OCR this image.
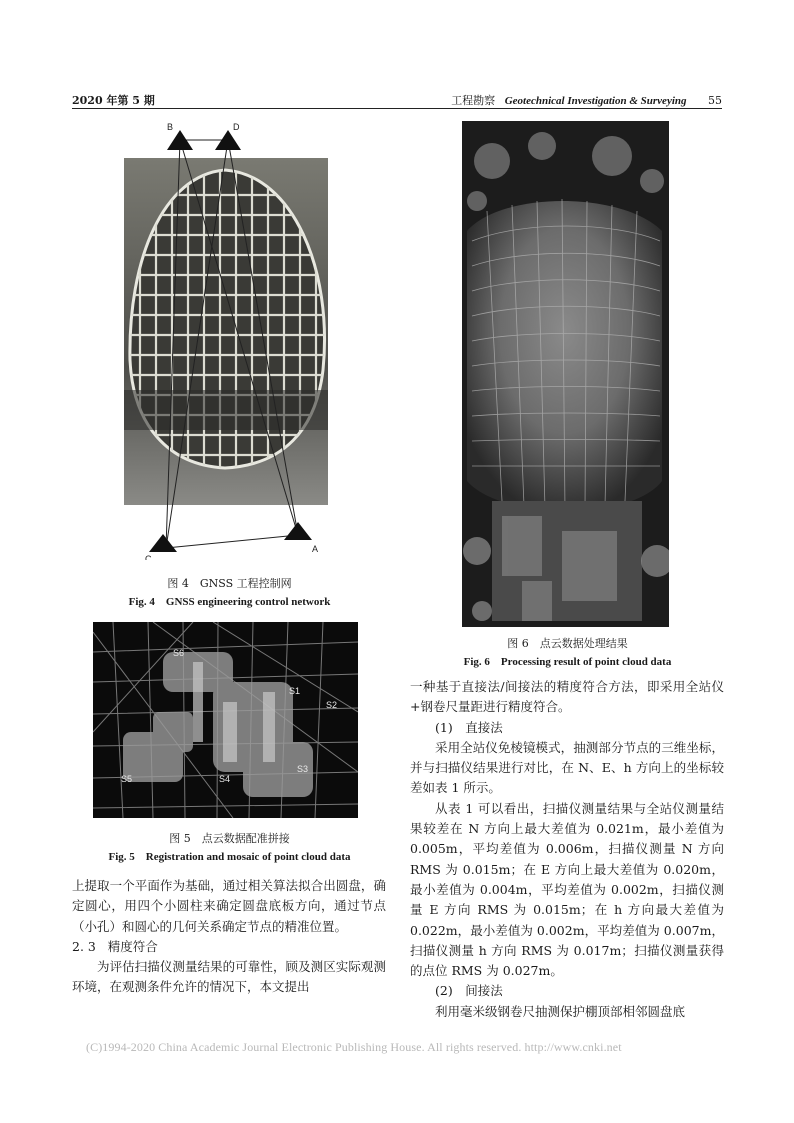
2020 年第 5 期	工程勘察 Geotechnical Investigation & Surveying 55
B	D
C
A
图 4　GNSS 工程控制网
Fig. 4　GNSS engineering control network
S6
S1
S2
S5	S4
S3
图 5　点云数据配准拼接
Fig. 5　Registration and mosaic of point cloud data

上提取一个平面作为基础，通过相关算法拟合出圆盘，确定圆心，用四个小圆柱来确定圆盘底板方向，通过节点（小孔）和圆心的几何关系确定节点的精准位置。

2. 3 精度符合

为评估扫描仪测量结果的可靠性，顾及测区实际观测环境，在观测条件允许的情况下，本文提出

图 6　点云数据处理结果
Fig. 6　Processing result of point cloud data

一种基于直接法/间接法的精度符合方法，即采用全站仪+钢卷尺量距进行精度符合。

(1)　直接法

采用全站仪免棱镜模式，抽测部分节点的三维坐标，并与扫描仪结果进行对比，在 N、E、h 方向上的坐标较差如表 1 所示。

从表 1 可以看出，扫描仪测量结果与全站仪测量结果较差在 N 方向上最大差值为 0.021m，最小差值为 0.005m，平均差值为 0.006m，扫描仪测量 N 方向 RMS 为 0.015m；在 E 方向上最大差值为 0.020m，最小差值为 0.004m，平均差值为 0.002m，扫描仪测量 E 方向 RMS 为 0.015m；在 h 方向最大差值为 0.022m，最小差值为 0.002m，平均差值为 0.007m，扫描仪测量 h 方向 RMS 为 0.017m；扫描仪测量获得的点位 RMS 为 0.027m。

(2)　间接法

利用毫米级钢卷尺抽测保护棚顶部相邻圆盘底

(C)1994-2020 China Academic Journal Electronic Publishing House. All rights reserved. http://www.cnki.net
